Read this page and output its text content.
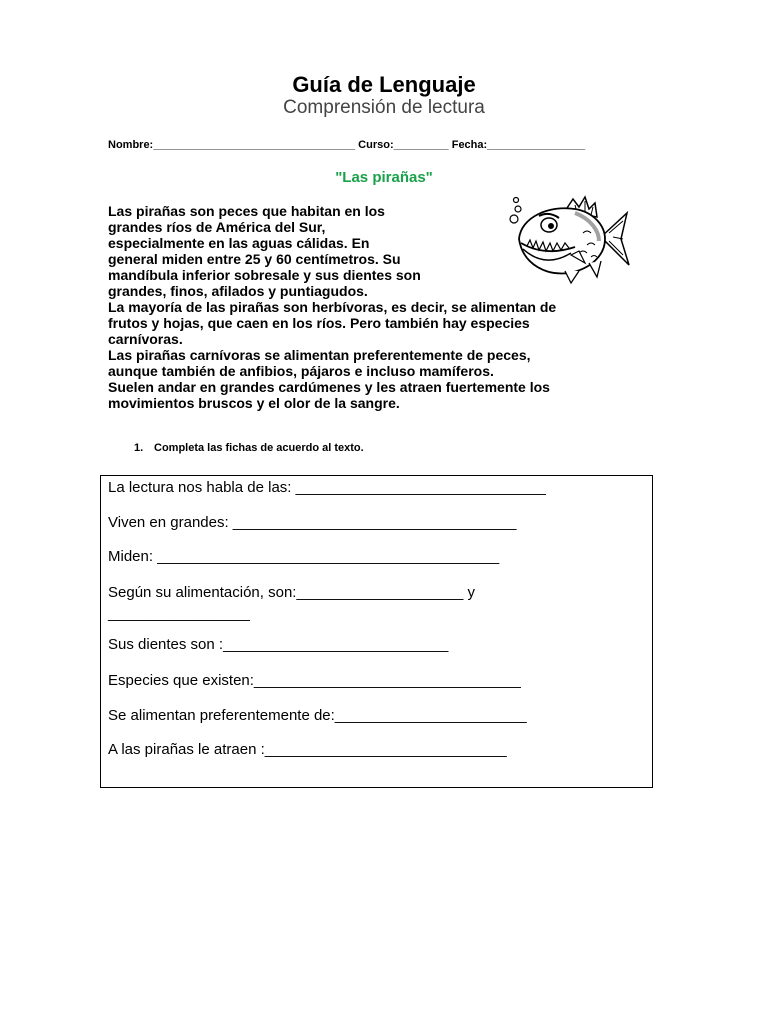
Guía de Lenguaje
Comprensión de lectura
Nombre:_________________________________ Curso:_________ Fecha:________________
"Las pirañas"
Las pirañas son peces que habitan en los
grandes ríos de América del Sur,
especialmente en las aguas cálidas. En
general miden entre 25 y 60 centímetros. Su
mandíbula inferior sobresale y sus dientes son
grandes, finos, afilados y puntiagudos.
La mayoría de las pirañas son herbívoras, es decir, se alimentan de
frutos y hojas, que caen en los ríos. Pero también hay especies
carnívoras.
Las pirañas carnívoras se alimentan preferentemente de peces,
aunque también de anfibios, pájaros e incluso mamíferos.
Suelen andar en grandes cardúmenes y les atraen fuertemente los
movimientos bruscos y el olor de la sangre.
1. Completa las fichas de acuerdo al texto.
La lectura nos habla de las: ______________________________
Viven en grandes: __________________________________
Miden: _________________________________________
Según su alimentación, son:____________________ y
_________________
Sus dientes son :___________________________
Especies que existen:________________________________
Se alimentan preferentemente de:_______________________
A las pirañas le atraen :_____________________________
